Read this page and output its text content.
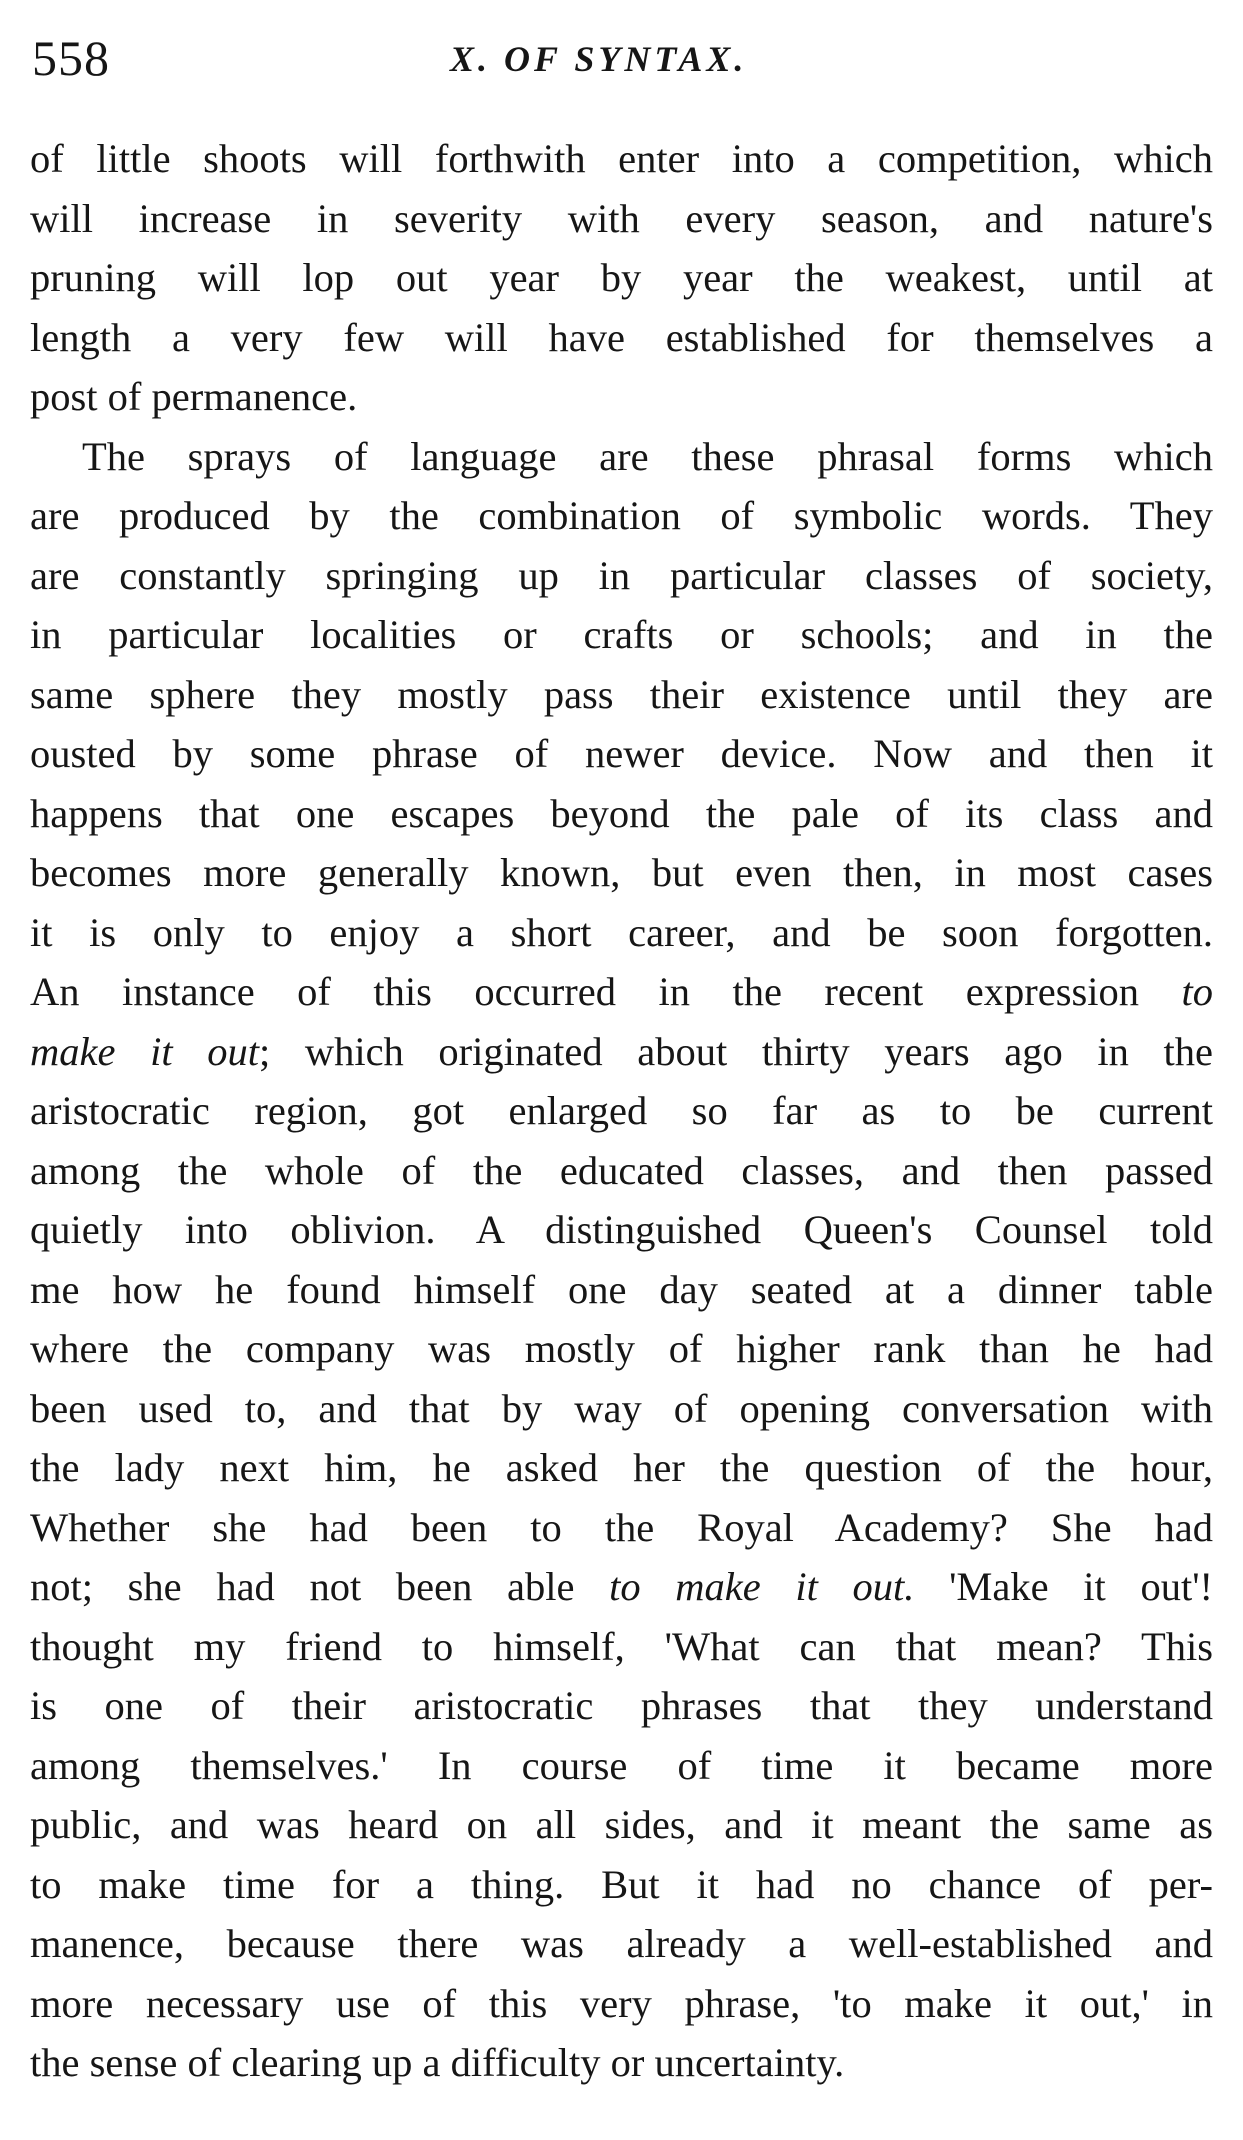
558	X. OF SYNTAX.
of little shoots will forthwith enter into a competition, which
will increase in severity with every season, and nature's
pruning will lop out year by year the weakest, until at
length a very few will have established for themselves a
post of permanence.
The sprays of language are these phrasal forms which
are produced by the combination of symbolic words. They
are constantly springing up in particular classes of society,
in particular localities or crafts or schools; and in the
same sphere they mostly pass their existence until they are
ousted by some phrase of newer device. Now and then it
happens that one escapes beyond the pale of its class and
becomes more generally known, but even then, in most cases
it is only to enjoy a short career, and be soon forgotten.
An instance of this occurred in the recent expression to
make it out; which originated about thirty years ago in the
aristocratic region, got enlarged so far as to be current
among the whole of the educated classes, and then passed
quietly into oblivion. A distinguished Queen's Counsel told
me how he found himself one day seated at a dinner table
where the company was mostly of higher rank than he had
been used to, and that by way of opening conversation with
the lady next him, he asked her the question of the hour,
Whether she had been to the Royal Academy? She had
not; she had not been able to make it out. 'Make it out'!
thought my friend to himself, 'What can that mean? This
is one of their aristocratic phrases that they understand
among themselves.' In course of time it became more
public, and was heard on all sides, and it meant the same as
to make time for a thing. But it had no chance of per-
manence, because there was already a well-established and
more necessary use of this very phrase, 'to make it out,' in
the sense of clearing up a difficulty or uncertainty.
